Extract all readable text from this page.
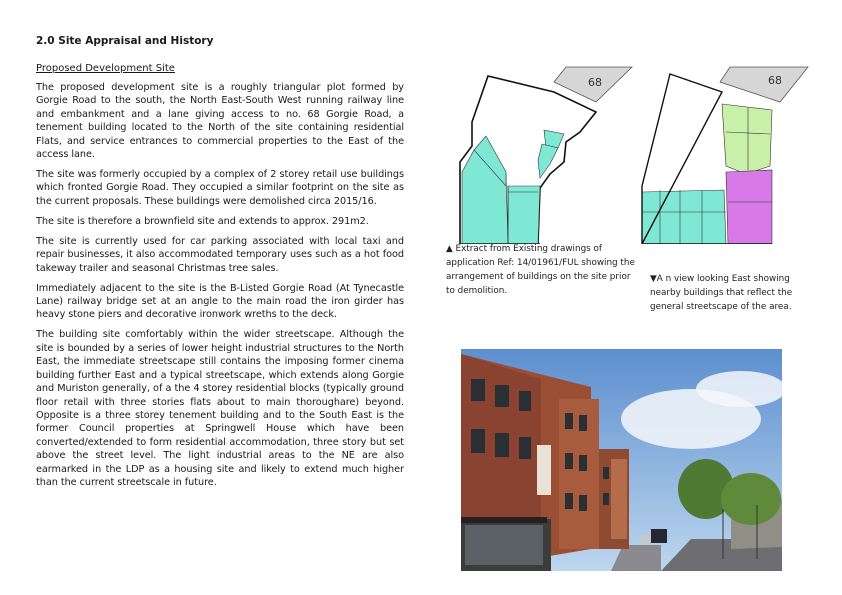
2.0 Site Appraisal and History
Proposed Development Site

The proposed development site is a roughly triangular plot formed by Gorgie Road to the south, the North East-South West running railway line and embankment and a lane giving access to no. 68 Gorgie Road, a tenement building located to the North of the site containing residential Flats, and service entrances to commercial properties to the East of the access lane.

The site was formerly occupied by a complex of 2 storey retail use buildings which fronted Gorgie Road. They occupied a similar footprint on the site as the current proposals. These buildings were demolished circa 2015/16.

The site is therefore a brownfield site and extends to approx. 291m2.

The site is currently used for car parking associated with local taxi and repair businesses, it also accommodated temporary uses such as a hot food takeway trailer and seasonal Christmas tree sales.

Immediately adjacent to the site is the B-Listed Gorgie Road (At Tynecastle Lane) railway bridge set at an angle to the main road the iron girder has heavy stone piers and decorative ironwork wreths to the deck.

The building site comfortably within the wider streetscape. Although the site is bounded by a series of lower height industrial structures to the North East, the immediate streetscape still contains the imposing former cinema building further East and a typical streetscape, which extends along Gorgie and Muriston generally, of a the 4 storey residential blocks (typically ground floor retail with three stories flats about to main thoroughare) beyond. Opposite is a three storey tenement building and to the South East is the former Council properties at Springwell House which have been converted/extended to form residential accommodation, three story but set above the street level. The light industrial areas to the NE are also earmarked in the LDP as a housing site and likely to extend much higher than the current streetscale in future.

68	68
▲ Extract from Existing drawings of application Ref: 14/01961/FUL showing the arrangement of buildings on the site prior to demolition.
▼A n view looking East showing nearby buildings that reflect the general streetscape of the area.
